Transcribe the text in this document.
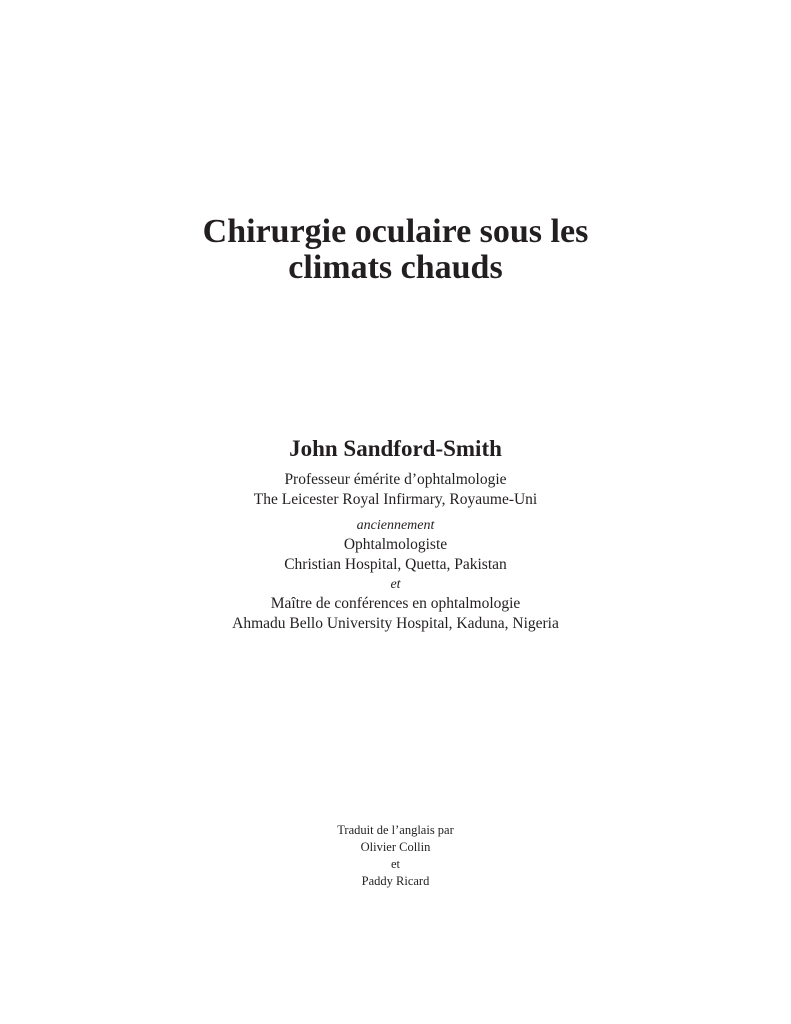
Chirurgie oculaire sous les
climats chauds

John Sandford-Smith

Professeur émérite d’ophtalmologie

The Leicester Royal Infirmary, Royaume-Uni

anciennement

Ophtalmologiste

Christian Hospital, Quetta, Pakistan

et

Maître de conférences en ophtalmologie

Ahmadu Bello University Hospital, Kaduna, Nigeria

Traduit de l’anglais par
Olivier Collin
et
Paddy Ricard
